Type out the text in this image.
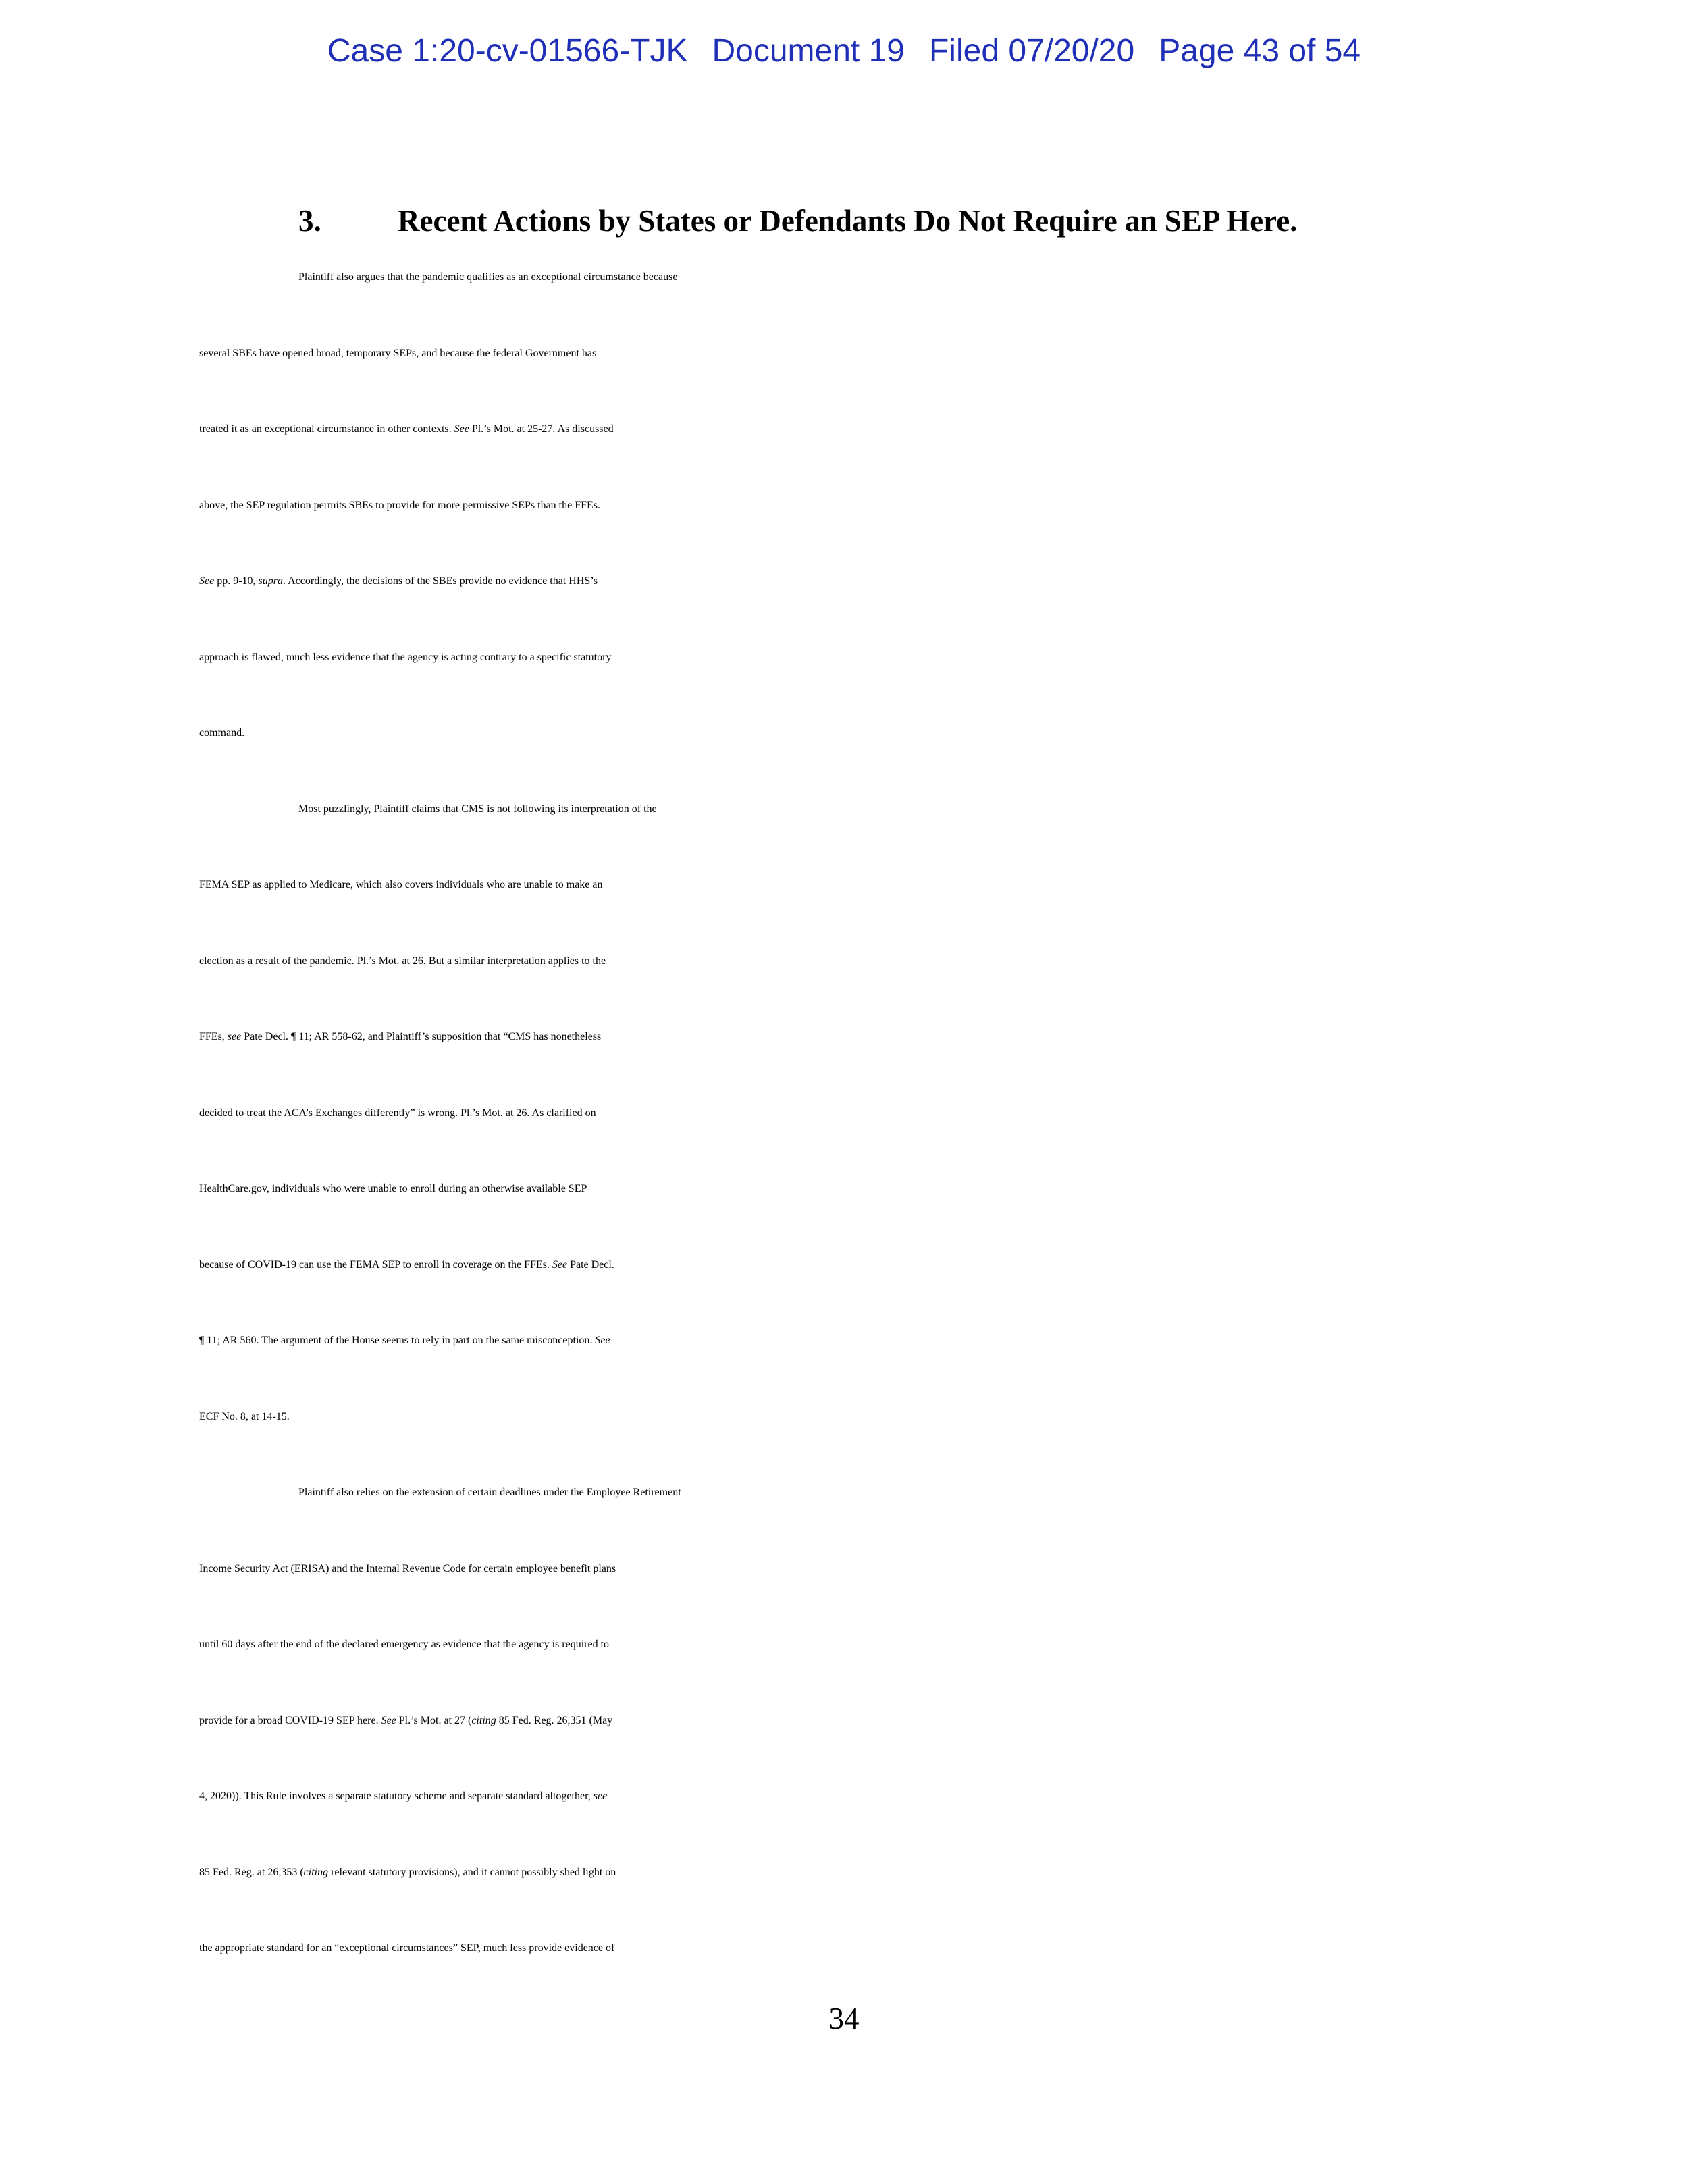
Case 1:20-cv-01566-TJK Document 19 Filed 07/20/20 Page 43 of 54
3.	Recent Actions by States or Defendants Do Not Require an SEP Here.
Plaintiff also argues that the pandemic qualifies as an exceptional circumstance because
several SBEs have opened broad, temporary SEPs, and because the federal Government has
treated it as an exceptional circumstance in other contexts. See Pl.’s Mot. at 25-27. As discussed
above, the SEP regulation permits SBEs to provide for more permissive SEPs than the FFEs.
See pp. 9-10, supra. Accordingly, the decisions of the SBEs provide no evidence that HHS’s
approach is flawed, much less evidence that the agency is acting contrary to a specific statutory
command.
Most puzzlingly, Plaintiff claims that CMS is not following its interpretation of the
FEMA SEP as applied to Medicare, which also covers individuals who are unable to make an
election as a result of the pandemic. Pl.’s Mot. at 26. But a similar interpretation applies to the
FFEs, see Pate Decl. ¶ 11; AR 558-62, and Plaintiff’s supposition that “CMS has nonetheless
decided to treat the ACA’s Exchanges differently” is wrong. Pl.’s Mot. at 26. As clarified on
HealthCare.gov, individuals who were unable to enroll during an otherwise available SEP
because of COVID-19 can use the FEMA SEP to enroll in coverage on the FFEs. See Pate Decl.
¶ 11; AR 560. The argument of the House seems to rely in part on the same misconception. See
ECF No. 8, at 14-15.
Plaintiff also relies on the extension of certain deadlines under the Employee Retirement
Income Security Act (ERISA) and the Internal Revenue Code for certain employee benefit plans
until 60 days after the end of the declared emergency as evidence that the agency is required to
provide for a broad COVID-19 SEP here. See Pl.’s Mot. at 27 (citing 85 Fed. Reg. 26,351 (May
4, 2020)). This Rule involves a separate statutory scheme and separate standard altogether, see
85 Fed. Reg. at 26,353 (citing relevant statutory provisions), and it cannot possibly shed light on
the appropriate standard for an “exceptional circumstances” SEP, much less provide evidence of
34
